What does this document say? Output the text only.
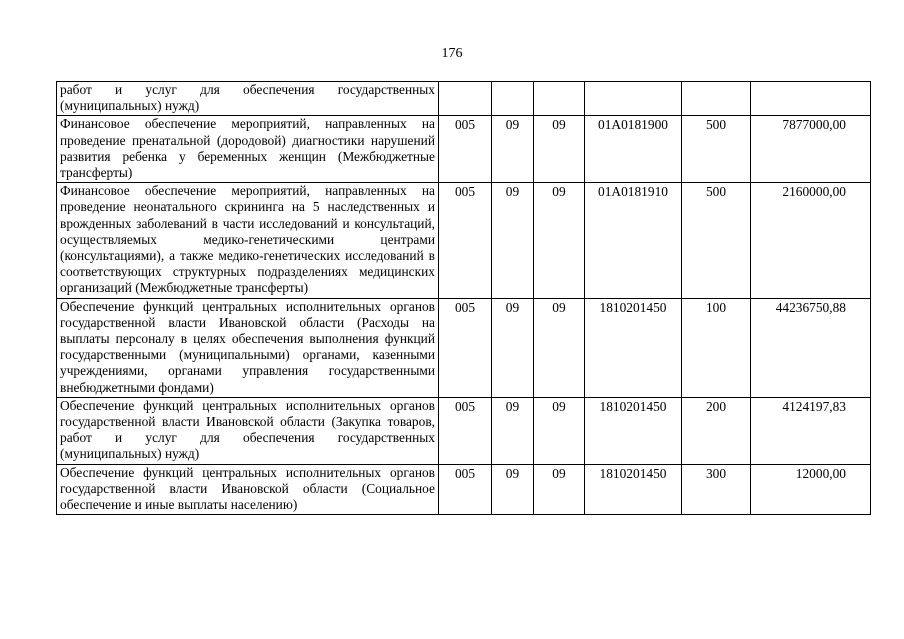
176
работ и услуг для обеспечения государственных (муниципальных) нужд)						
Финансовое обеспечение мероприятий, направленных на проведение пренатальной (дородовой) диагностики нарушений развития ребенка у беременных женщин (Межбюджетные трансферты)	005	09	09	01А0181900	500	7877000,00
Финансовое обеспечение мероприятий, направленных на проведение неонатального скрининга на 5 наследственных и врожденных заболеваний в части исследований и консультаций, осуществляемых медико-генетическими центрами (консультациями), а также медико-генетических исследований в соответствующих структурных подразделениях медицинских организаций (Межбюджетные трансферты)	005	09	09	01А0181910	500	2160000,00
Обеспечение функций центральных исполнительных органов государственной власти Ивановской области (Расходы на выплаты персоналу в целях обеспечения выполнения функций государственными (муниципальными) органами, казенными учреждениями, органами управления государственными внебюджетными фондами)	005	09	09	1810201450	100	44236750,88
Обеспечение функций центральных исполнительных органов государственной власти Ивановской области (Закупка товаров, работ и услуг для обеспечения государственных (муниципальных) нужд)	005	09	09	1810201450	200	4124197,83
Обеспечение функций центральных исполнительных органов государственной власти Ивановской области (Социальное обеспечение и иные выплаты населению)	005	09	09	1810201450	300	12000,00
